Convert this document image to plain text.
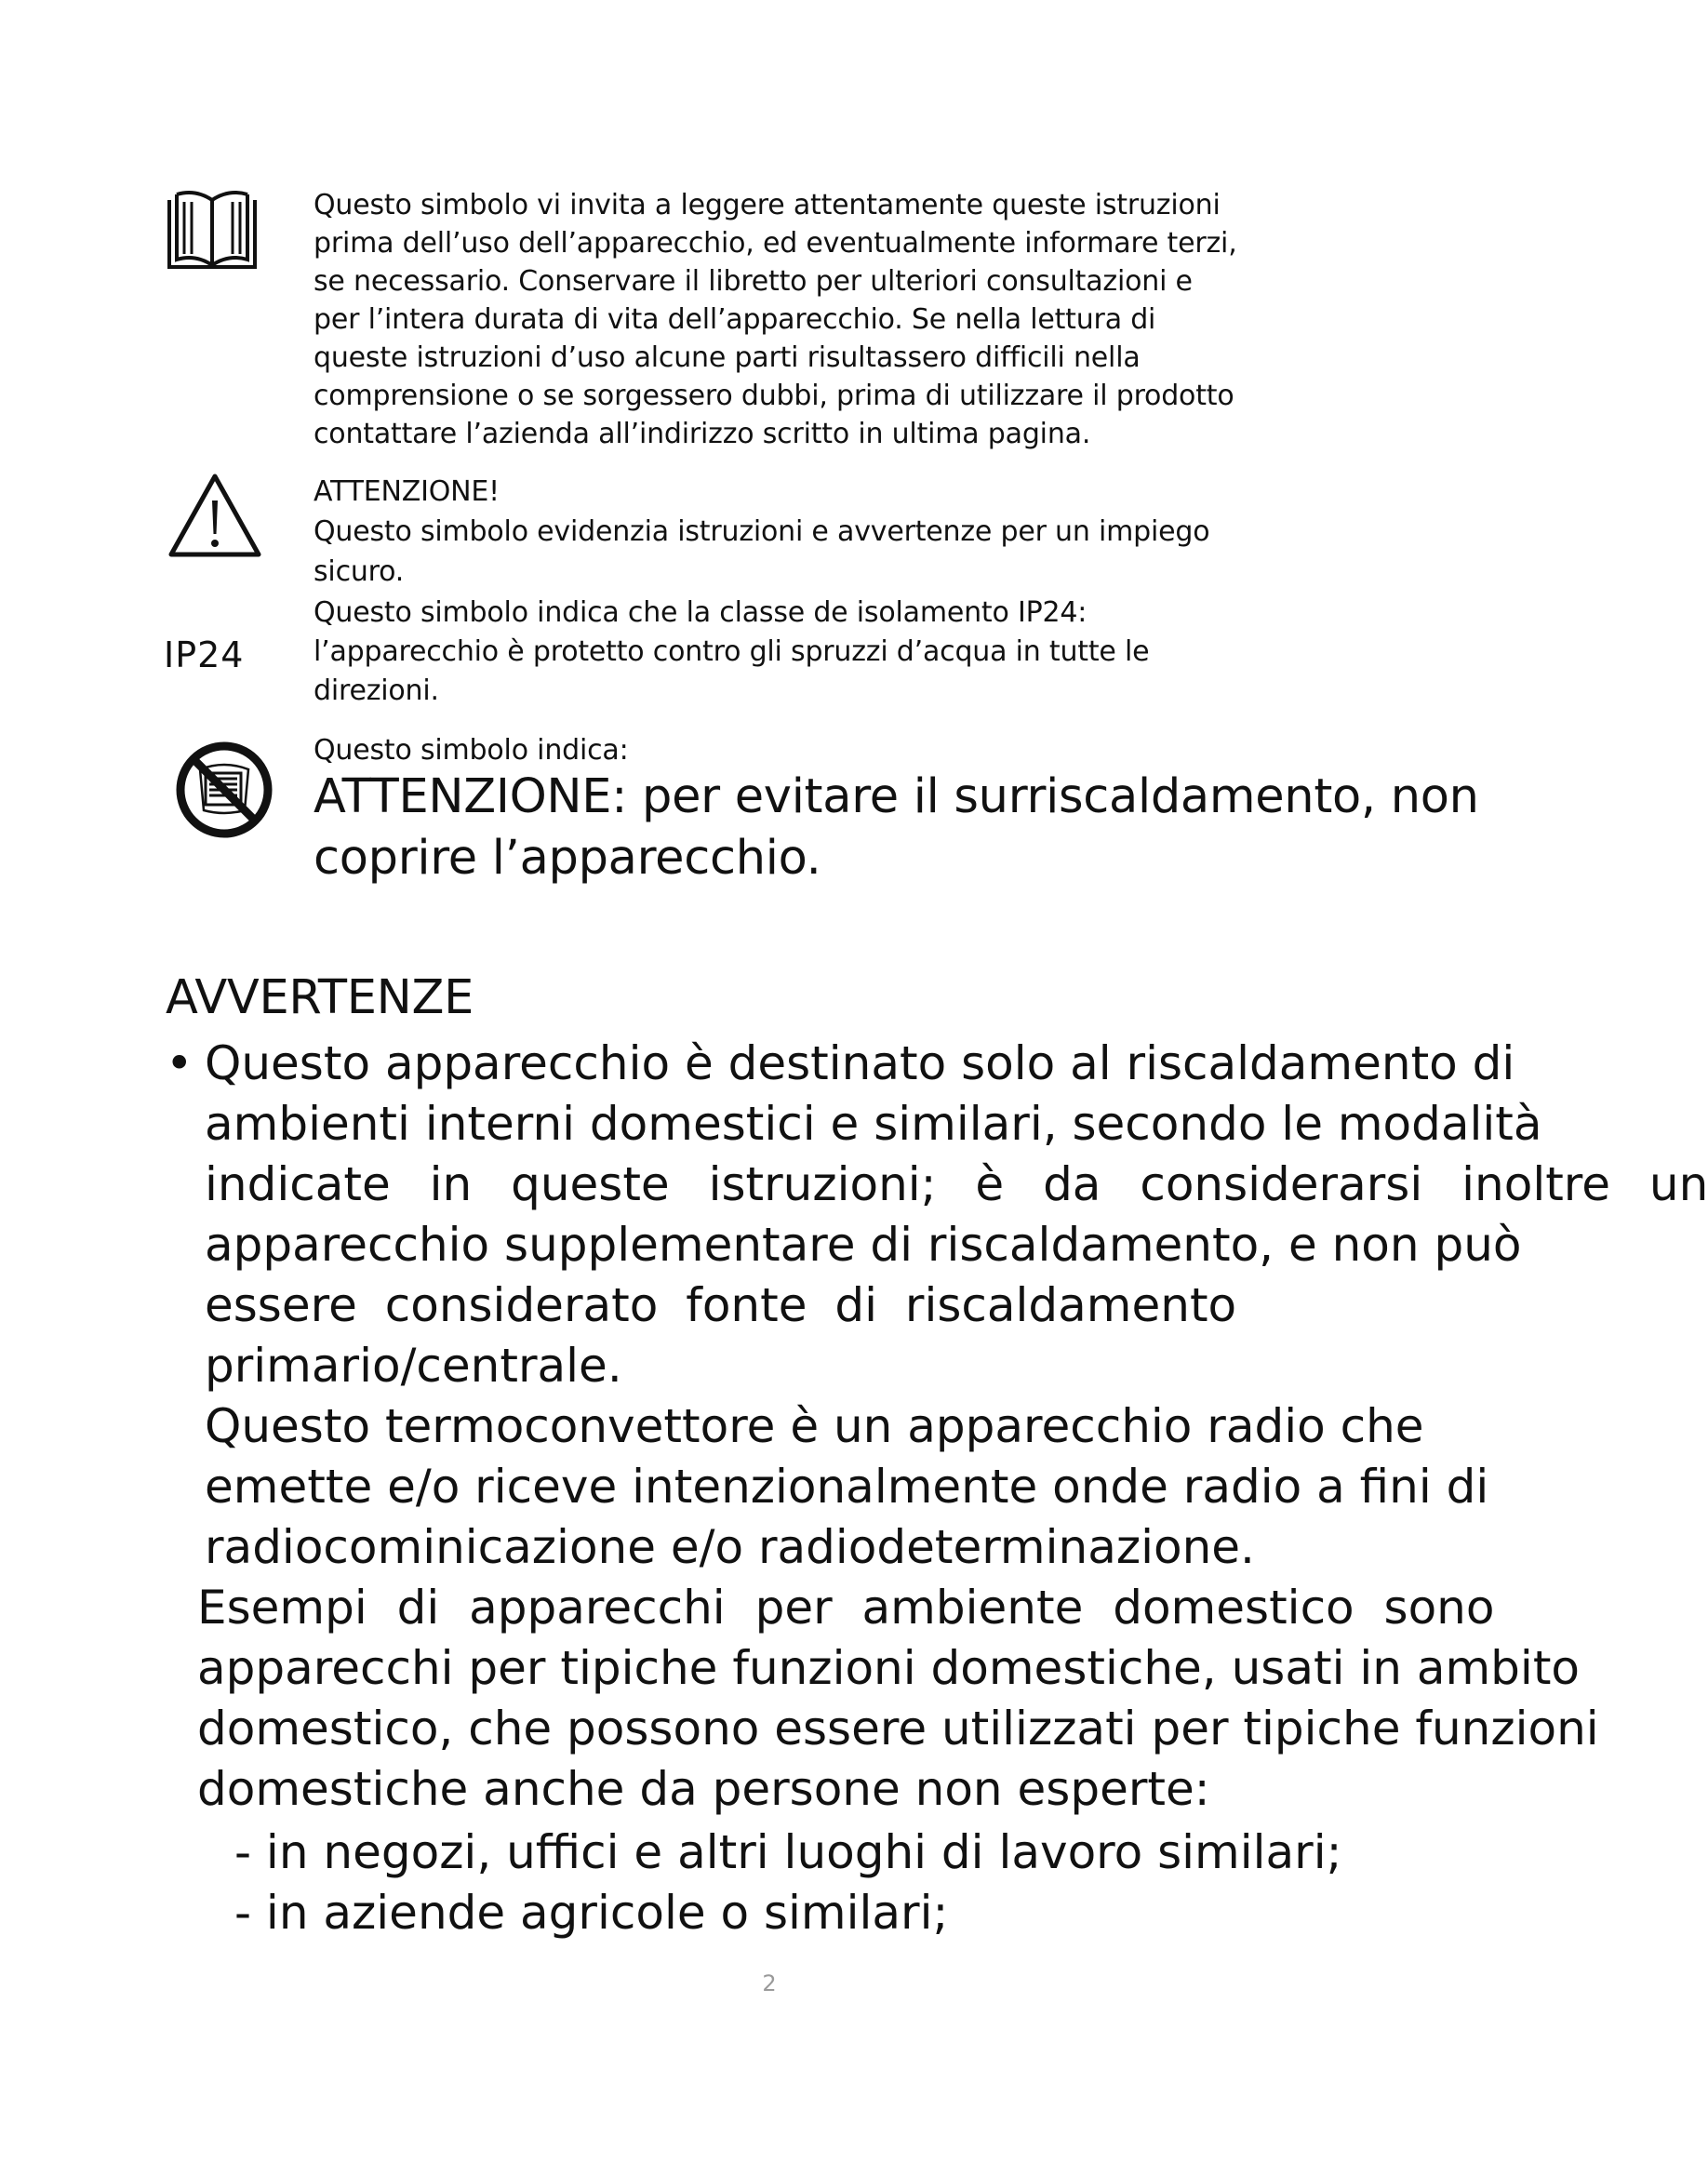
Questo simbolo vi invita a leggere attentamente queste istruzioni

prima dell’uso dell’apparecchio, ed eventualmente informare terzi,

se necessario. Conservare il libretto per ulteriori consultazioni e

per l’intera durata di vita dell’apparecchio. Se nella lettura di

queste istruzioni d’uso alcune parti risultassero difficili nella

comprensione o se sorgessero dubbi, prima di utilizzare il prodotto

contattare l’azienda all’indirizzo scritto in ultima pagina.

ATTENZIONE!

Questo simbolo evidenzia istruzioni e avvertenze per un impiego

sicuro.

IP24

Questo simbolo indica che la classe de isolamento IP24:

l’apparecchio è protetto contro gli spruzzi d’acqua in tutte le

direzioni.

Questo simbolo indica:

ATTENZIONE: per evitare il surriscaldamento, non
coprire l’apparecchio.
AVVERTENZE
• Questo apparecchio è destinato solo al riscaldamento di
ambienti interni domestici e similari, secondo le modalità
indicate in queste istruzioni; è da considerarsi inoltre un
apparecchio supplementare di riscaldamento, e non può
essere considerato fonte di riscaldamento
primario/centrale.
Questo termoconvettore è un apparecchio radio che
emette e/o riceve intenzionalmente onde radio a fini di
radiocominicazione e/o radiodeterminazione.
Esempi di apparecchi per ambiente domestico sono
apparecchi per tipiche funzioni domestiche, usati in ambito
domestico, che possono essere utilizzati per tipiche funzioni
domestiche anche da persone non esperte:
- in negozi, uffici e altri luoghi di lavoro similari;
- in aziende agricole o similari;
2
